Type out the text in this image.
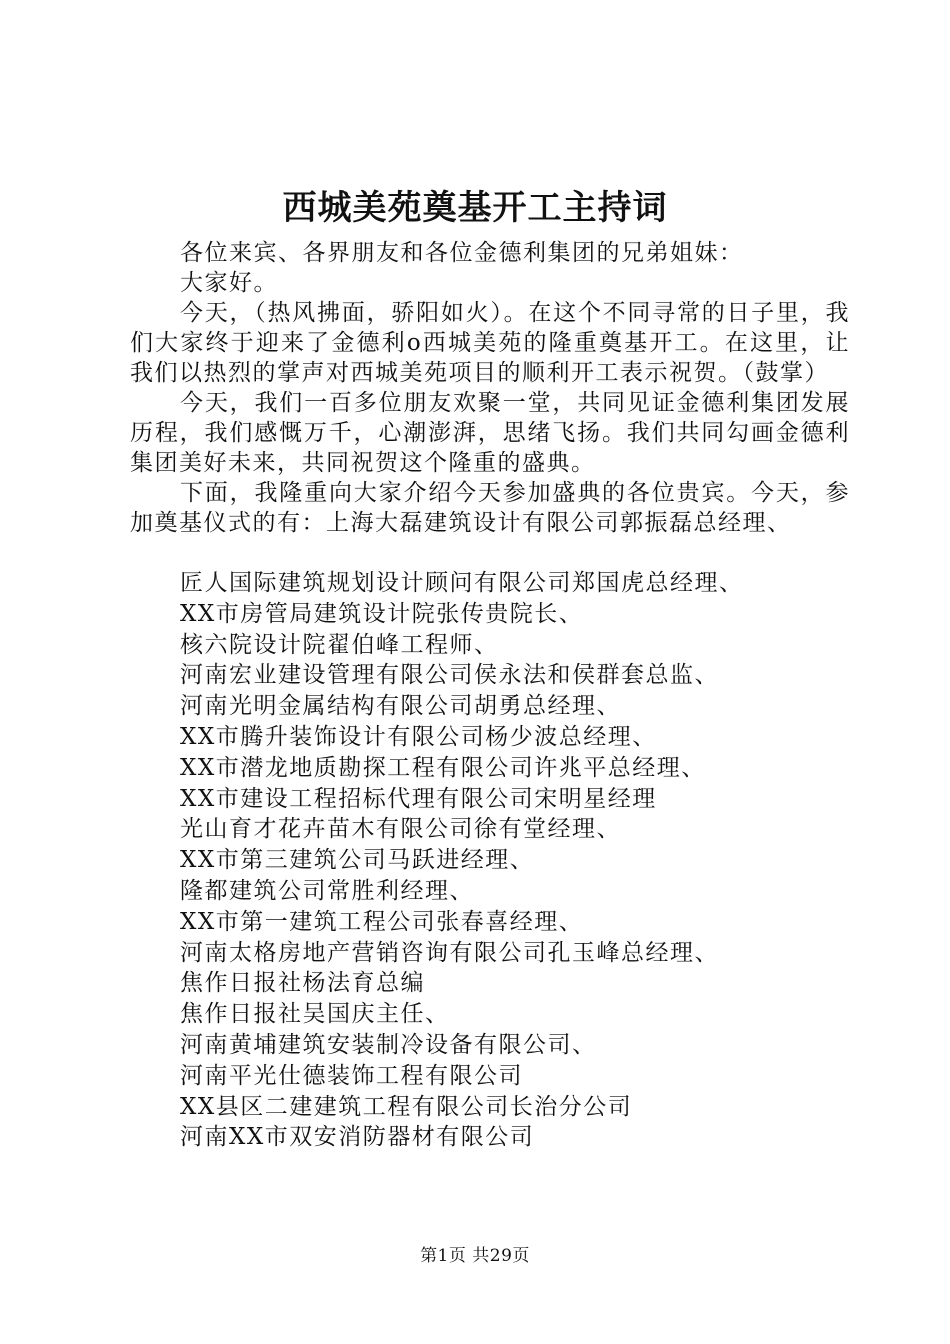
西城美苑奠基开工主持词

各位来宾、各界朋友和各位金德利集团的兄弟姐妹：

大家好。

今天，（热风拂面，骄阳如火）。在这个不同寻常的日子里，我们大家终于迎来了金德利o西城美苑的隆重奠基开工。在这里，让我们以热烈的掌声对西城美苑项目的顺利开工表示祝贺。（鼓掌）

今天，我们一百多位朋友欢聚一堂，共同见证金德利集团发展历程，我们感慨万千，心潮澎湃，思绪飞扬。我们共同勾画金德利集团美好未来，共同祝贺这个隆重的盛典。

下面，我隆重向大家介绍今天参加盛典的各位贵宾。今天，参加奠基仪式的有：上海大磊建筑设计有限公司郭振磊总经理、

匠人国际建筑规划设计顾问有限公司郑国虎总经理、
XX市房管局建筑设计院张传贵院长、
核六院设计院翟伯峰工程师、
河南宏业建设管理有限公司侯永法和侯群套总监、
河南光明金属结构有限公司胡勇总经理、
XX市腾升装饰设计有限公司杨少波总经理、
XX市潜龙地质勘探工程有限公司许兆平总经理、
XX市建设工程招标代理有限公司宋明星经理
光山育才花卉苗木有限公司徐有堂经理、
XX市第三建筑公司马跃进经理、
隆都建筑公司常胜利经理、
XX市第一建筑工程公司张春喜经理、
河南太格房地产营销咨询有限公司孔玉峰总经理、
焦作日报社杨法育总编
焦作日报社吴国庆主任、
河南黄埔建筑安装制冷设备有限公司、
河南平光仕德装饰工程有限公司
XX县区二建建筑工程有限公司长治分公司
河南XX市双安消防器材有限公司
第1页 共29页
